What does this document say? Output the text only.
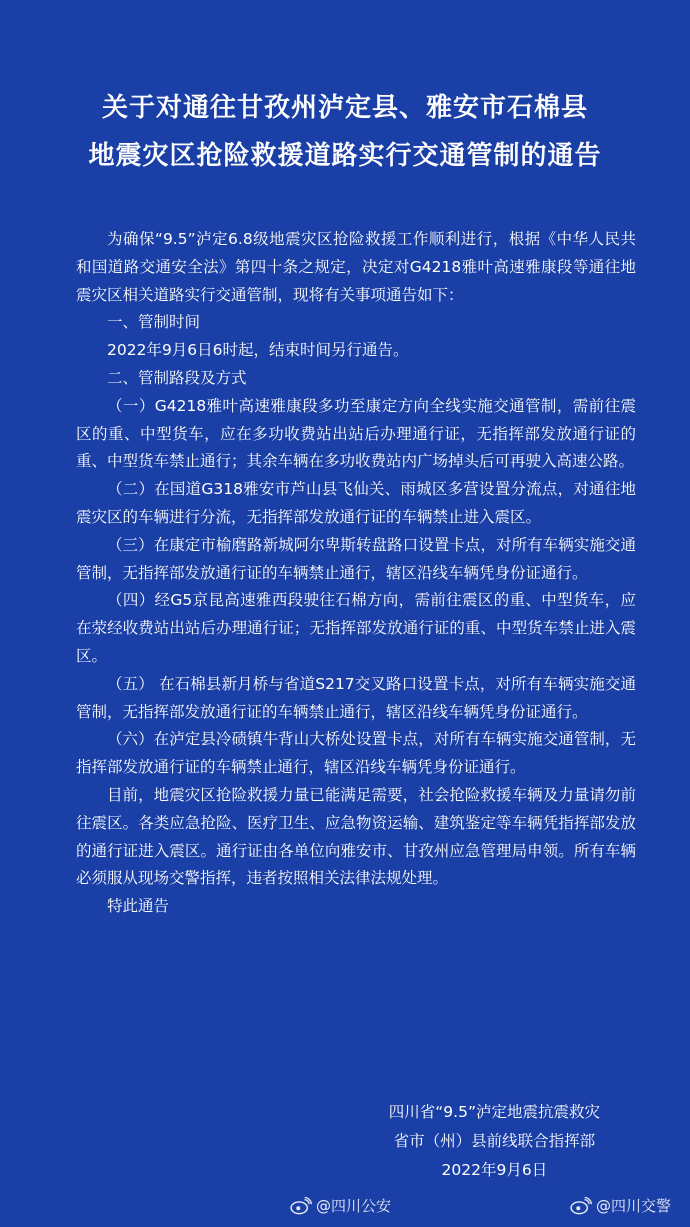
关于对通往甘孜州泸定县、雅安市石棉县
地震灾区抢险救援道路实行交通管制的通告

为确保“9.5”泸定6.8级地震灾区抢险救援工作顺利进行，根据《中华人民共和国道路交通安全法》第四十条之规定，决定对G4218雅叶高速雅康段等通往地震灾区相关道路实行交通管制，现将有关事项通告如下：

一、管制时间

2022年9月6日6时起，结束时间另行通告。

二、管制路段及方式

（一）G4218雅叶高速雅康段多功至康定方向全线实施交通管制，需前往震区的重、中型货车，应在多功收费站出站后办理通行证，无指挥部发放通行证的重、中型货车禁止通行；其余车辆在多功收费站内广场掉头后可再驶入高速公路。

（二）在国道G318雅安市芦山县飞仙关、雨城区多营设置分流点，对通往地震灾区的车辆进行分流，无指挥部发放通行证的车辆禁止进入震区。

（三）在康定市榆磨路新城阿尔卑斯转盘路口设置卡点，对所有车辆实施交通管制，无指挥部发放通行证的车辆禁止通行，辖区沿线车辆凭身份证通行。

（四）经G5京昆高速雅西段驶往石棉方向，需前往震区的重、中型货车，应在荥经收费站出站后办理通行证；无指挥部发放通行证的重、中型货车禁止进入震区。

（五） 在石棉县新月桥与省道S217交叉路口设置卡点，对所有车辆实施交通管制，无指挥部发放通行证的车辆禁止通行，辖区沿线车辆凭身份证通行。

（六）在泸定县冷碛镇牛背山大桥处设置卡点，对所有车辆实施交通管制，无指挥部发放通行证的车辆禁止通行，辖区沿线车辆凭身份证通行。

目前，地震灾区抢险救援力量已能满足需要，社会抢险救援车辆及力量请勿前往震区。各类应急抢险、医疗卫生、应急物资运输、建筑鉴定等车辆凭指挥部发放的通行证进入震区。通行证由各单位向雅安市、甘孜州应急管理局申领。所有车辆必须服从现场交警指挥，违者按照相关法律法规处理。

特此通告

四川省“9.5”泸定地震抗震救灾
省市（州）县前线联合指挥部
2022年9月6日
@四川公安	@四川交警
